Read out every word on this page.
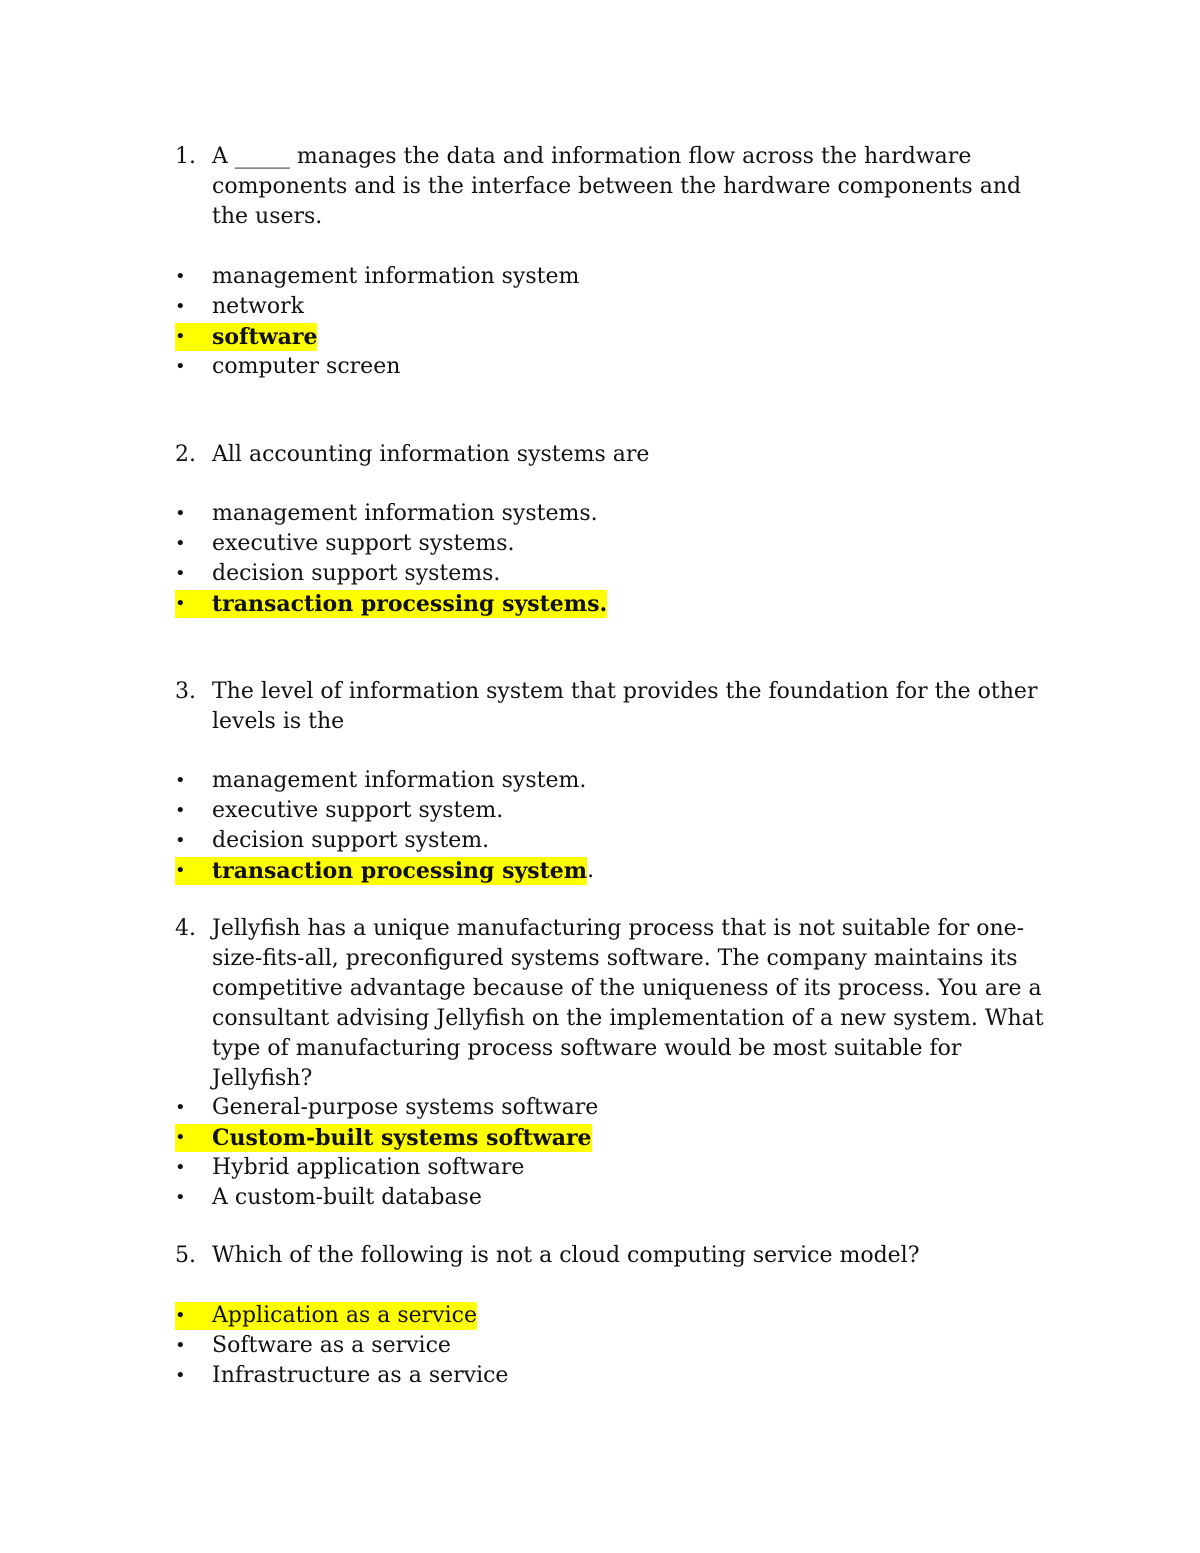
1. A _____ manages the data and information flow across the hardware components and is the interface between the hardware components and the users.
•	management information system
•	network
•	software
•	computer screen
2. All accounting information systems are
•	management information systems.
•	executive support systems.
•	decision support systems.
•	transaction processing systems.
3. The level of information system that provides the foundation for the other levels is the
•	management information system.
•	executive support system.
•	decision support system.
•	transaction processing system .
4. Jellyfish has a unique manufacturing process that is not suitable for one-size-fits-all, preconfigured systems software. The company maintains its competitive advantage because of the uniqueness of its process. You are a consultant advising Jellyfish on the implementation of a new system. What type of manufacturing process software would be most suitable for Jellyfish?
•	General-purpose systems software
•	Custom-built systems software
•	Hybrid application software
•	A custom-built database
5. Which of the following is not a cloud computing service model?
•	Application as a service
•	Software as a service
•	Infrastructure as a service
